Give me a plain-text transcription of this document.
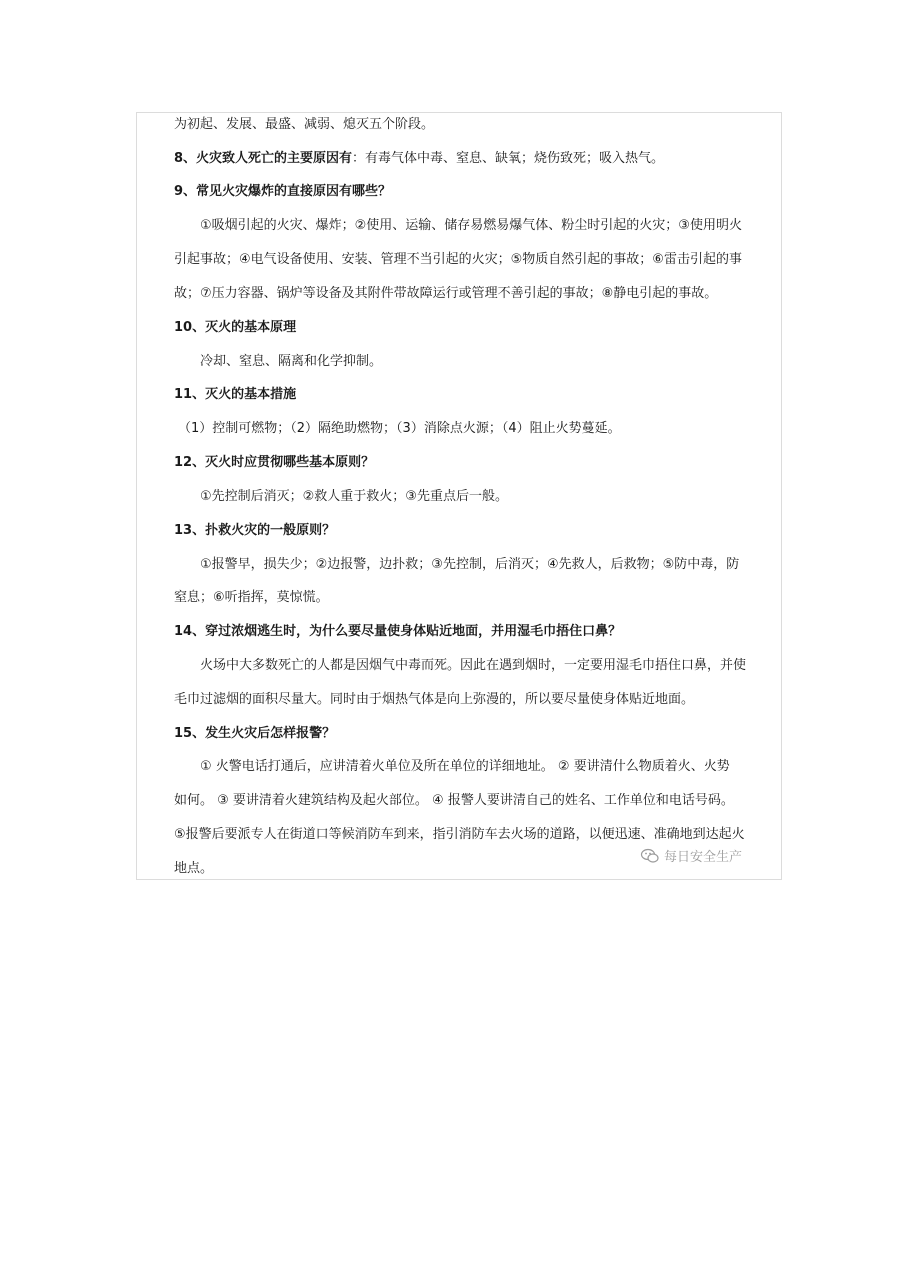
为初起、发展、最盛、减弱、熄灭五个阶段。
8、火灾致人死亡的主要原因有：有毒气体中毒、窒息、缺氧；烧伤致死；吸入热气。
9、常见火灾爆炸的直接原因有哪些？
①吸烟引起的火灾、爆炸；②使用、运输、储存易燃易爆气体、粉尘时引起的火灾；③使用明火
引起事故；④电气设备使用、安装、管理不当引起的火灾；⑤物质自然引起的事故；⑥雷击引起的事
故；⑦压力容器、锅炉等设备及其附件带故障运行或管理不善引起的事故；⑧静电引起的事故。
10、灭火的基本原理
冷却、窒息、隔离和化学抑制。
11、灭火的基本措施
（1）控制可燃物；（2）隔绝助燃物；（3）消除点火源；（4）阻止火势蔓延。
12、灭火时应贯彻哪些基本原则？
①先控制后消灭；②救人重于救火；③先重点后一般。
13、扑救火灾的一般原则？
①报警早，损失少；②边报警，边扑救；③先控制，后消灭；④先救人，后救物；⑤防中毒，防
窒息；⑥听指挥，莫惊慌。
14、穿过浓烟逃生时，为什么要尽量使身体贴近地面，并用湿毛巾捂住口鼻？
火场中大多数死亡的人都是因烟气中毒而死。因此在遇到烟时，一定要用湿毛巾捂住口鼻，并使
毛巾过滤烟的面积尽量大。同时由于烟热气体是向上弥漫的，所以要尽量使身体贴近地面。
15、发生火灾后怎样报警？
① 火警电话打通后，应讲清着火单位及所在单位的详细地址。 ② 要讲清什么物质着火、火势
如何。 ③ 要讲清着火建筑结构及起火部位。 ④ 报警人要讲清自己的姓名、工作单位和电话号码。
⑤报警后要派专人在街道口等候消防车到来，指引消防车去火场的道路，以便迅速、准确地到达起火
地点。
每日安全生产
